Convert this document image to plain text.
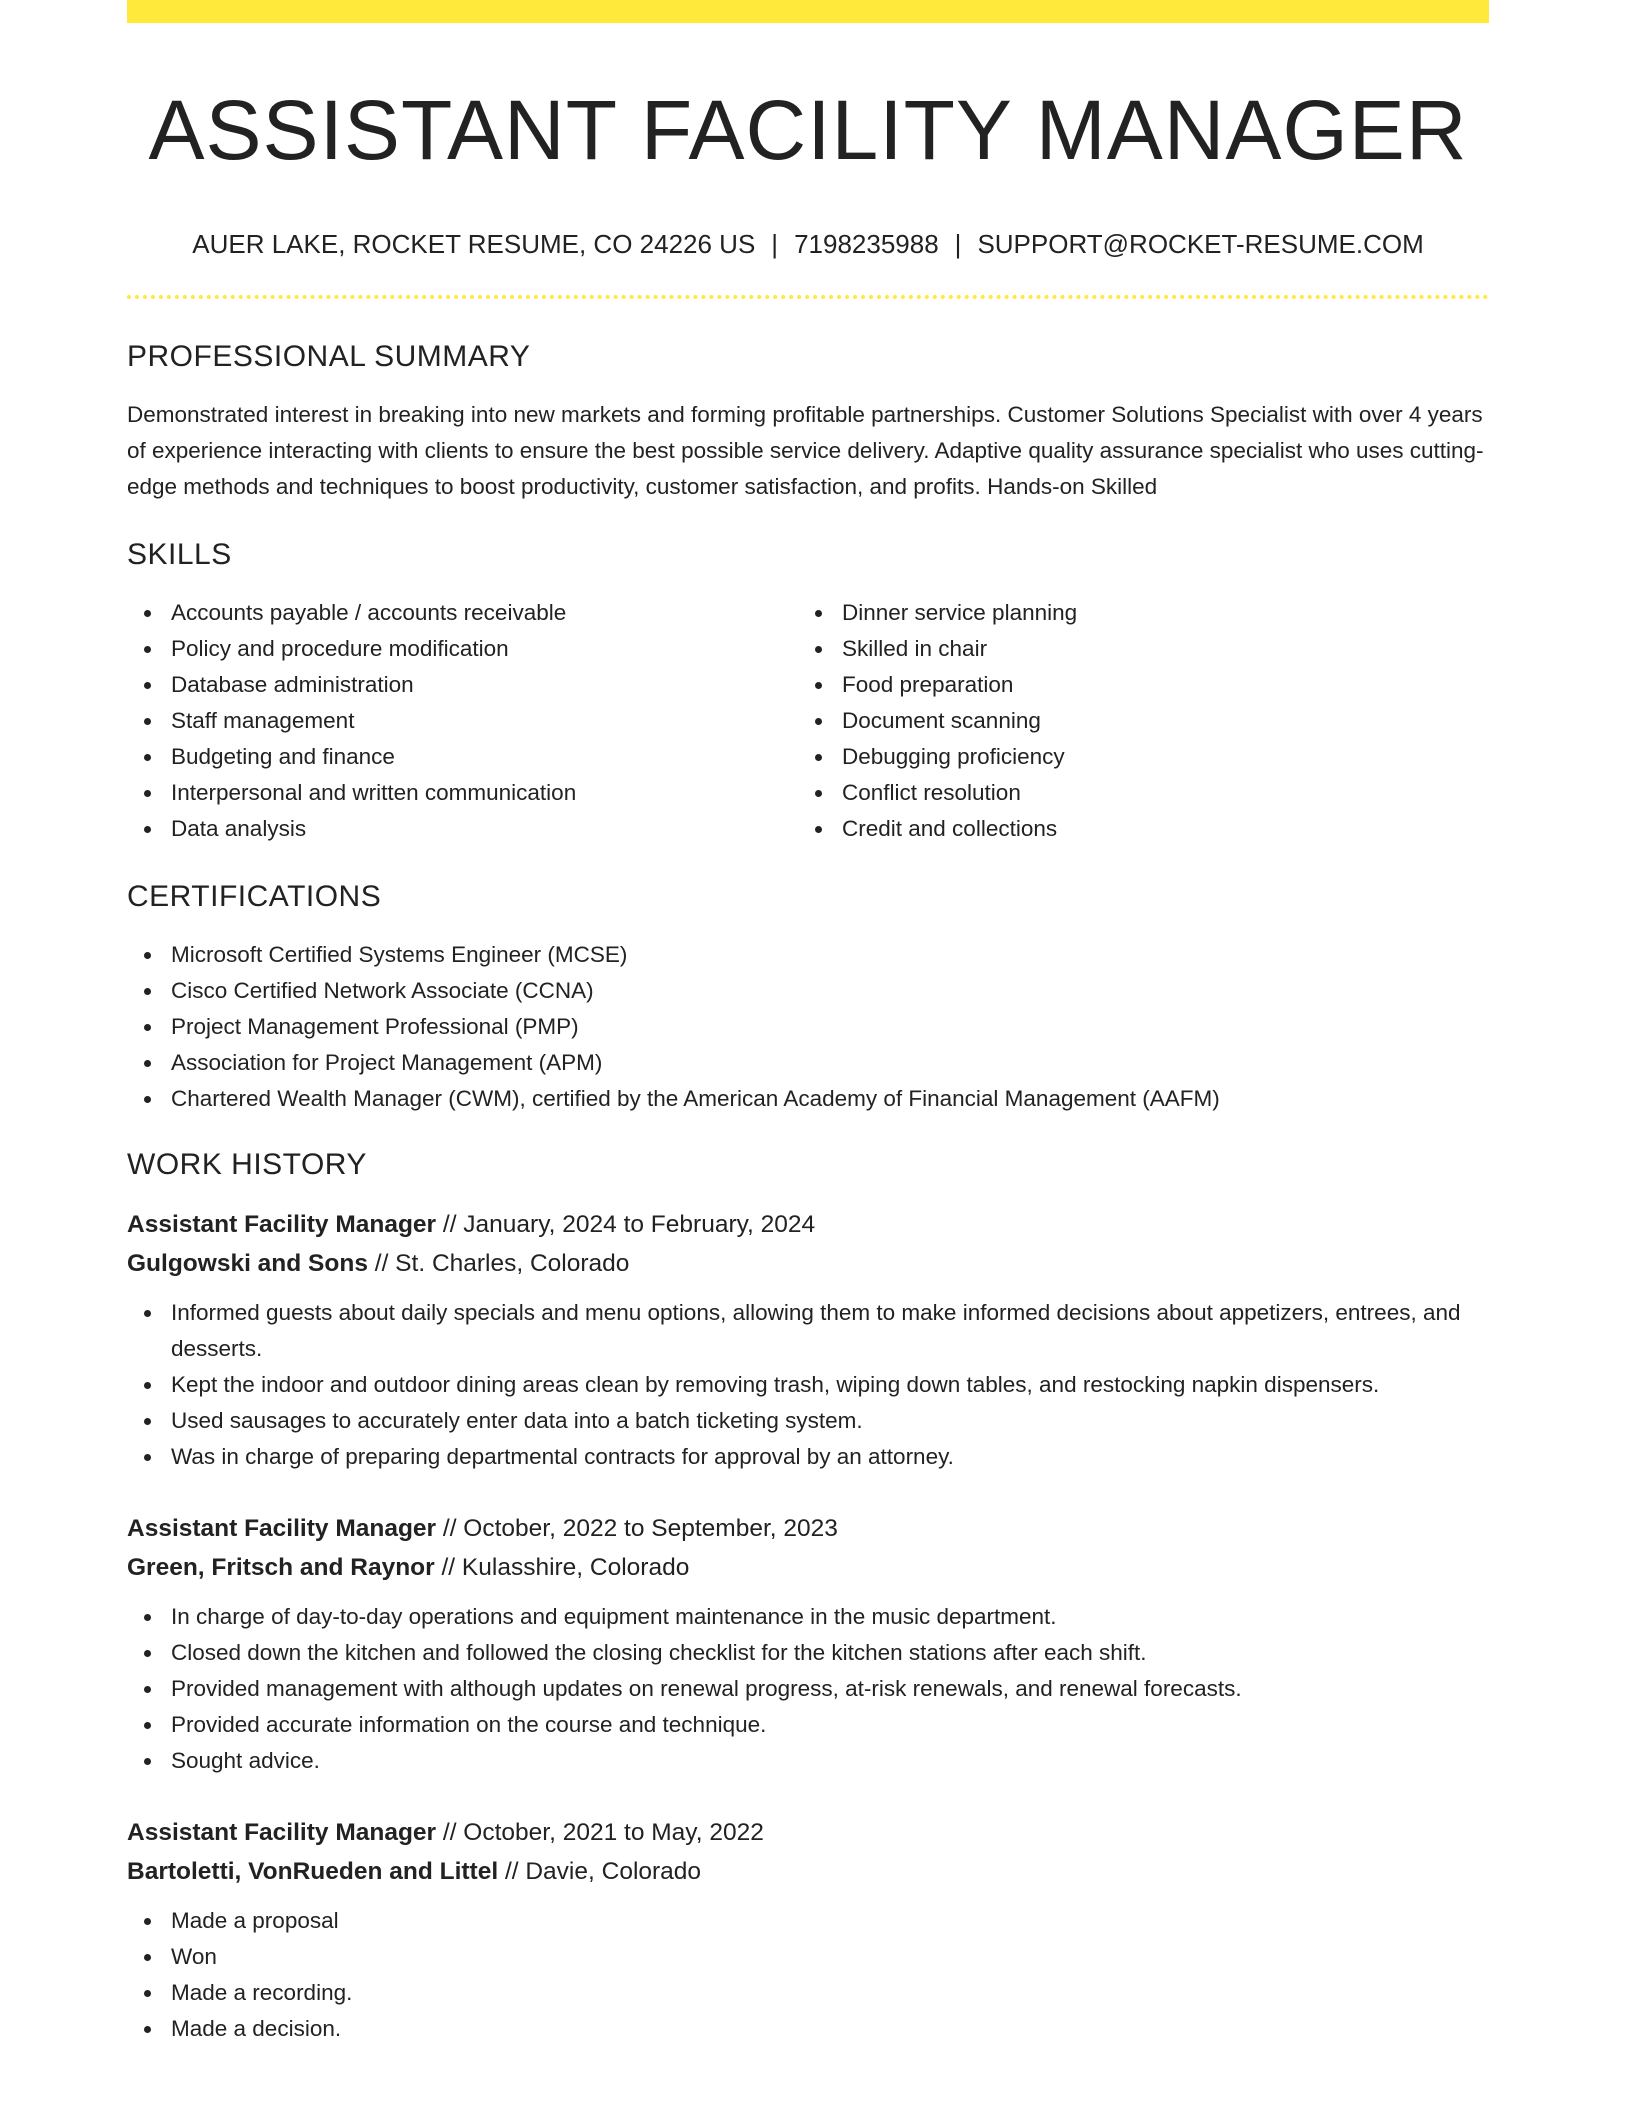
ASSISTANT FACILITY MANAGER
AUER LAKE, ROCKET RESUME, CO 24226 US | 7198235988 | SUPPORT@ROCKET-RESUME.COM
PROFESSIONAL SUMMARY

Demonstrated interest in breaking into new markets and forming profitable partnerships. Customer Solutions Specialist with over 4 years of experience interacting with clients to ensure the best possible service delivery. Adaptive quality assurance specialist who uses cutting-edge methods and techniques to boost productivity, customer satisfaction, and profits. Hands-on Skilled

SKILLS
Accounts payable / accounts receivable
Policy and procedure modification
Database administration
Staff management
Budgeting and finance
Interpersonal and written communication
Data analysis
Dinner service planning
Skilled in chair
Food preparation
Document scanning
Debugging proficiency
Conflict resolution
Credit and collections
CERTIFICATIONS
Microsoft Certified Systems Engineer (MCSE)
Cisco Certified Network Associate (CCNA)
Project Management Professional (PMP)
Association for Project Management (APM)
Chartered Wealth Manager (CWM), certified by the American Academy of Financial Management (AAFM)
WORK HISTORY
Assistant Facility Manager // January, 2024 to February, 2024
Gulgowski and Sons // St. Charles, Colorado
Informed guests about daily specials and menu options, allowing them to make informed decisions about appetizers, entrees, and desserts.
Kept the indoor and outdoor dining areas clean by removing trash, wiping down tables, and restocking napkin dispensers.
Used sausages to accurately enter data into a batch ticketing system.
Was in charge of preparing departmental contracts for approval by an attorney.
Assistant Facility Manager // October, 2022 to September, 2023
Green, Fritsch and Raynor // Kulasshire, Colorado
In charge of day-to-day operations and equipment maintenance in the music department.
Closed down the kitchen and followed the closing checklist for the kitchen stations after each shift.
Provided management with although updates on renewal progress, at-risk renewals, and renewal forecasts.
Provided accurate information on the course and technique.
Sought advice.
Assistant Facility Manager // October, 2021 to May, 2022
Bartoletti, VonRueden and Littel // Davie, Colorado
Made a proposal
Won
Made a recording.
Made a decision.
